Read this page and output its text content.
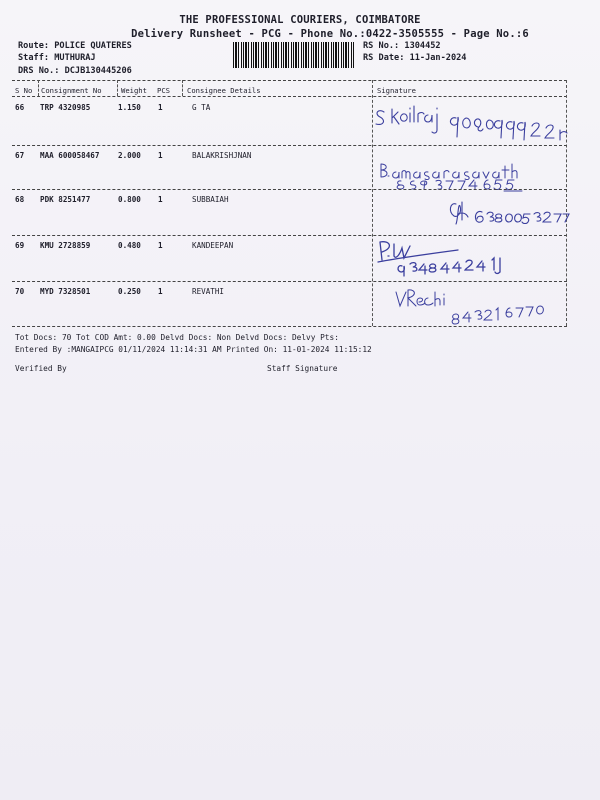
THE PROFESSIONAL COURIERS, COIMBATORE
Delivery Runsheet - PCG - Phone No.:0422-3505555 - Page No.:6
Route: POLICE QUATERES
Staff: MUTHURAJ
DRS No.: DCJB130445206
RS No.: 1304452
RS Date: 11-Jan-2024
S No Consignment No	Weight PCS Consignee Details	Signature
66 TRP 4320985	1.150 1	G TA
67 MAA 600058467 2.000 1	BALAKRISHJNAN
68 PDK 8251477	0.800 1	SUBBAIAH
69 KMU 2728859	0.480 1	KANDEEPAN
70 MYD 7328501	0.250 1	REVATHI
Tot Docs: 70 Tot COD Amt: 0.00 Delvd Docs: Non Delvd Docs: Delvy Pts:
Entered By :MANGAIPCG 01/11/2024 11:14:31 AM Printed On: 11-01-2024 11:15:12
Verified By	Staff Signature
